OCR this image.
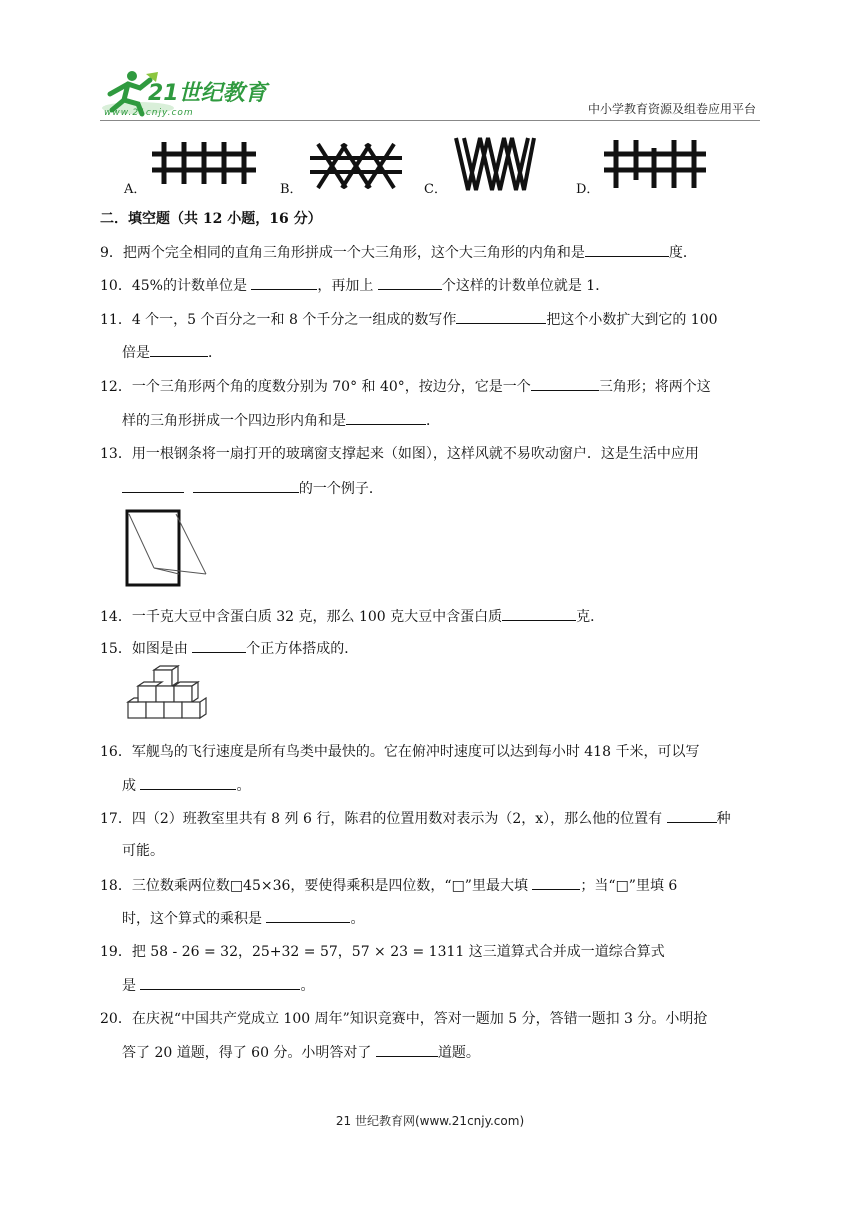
21世纪教育
www.21cnjy.com	中小学教育资源及组卷应用平台
A．	B．	C．	D．
二．填空题（共 12 小题，16 分）
9．把两个完全相同的直角三角形拼成一个大三角形，这个大三角形的内角和是	度．
10．45%的计数单位是	，再加上	个这样的计数单位就是 1．
11．4 个一，5 个百分之一和 8 个千分之一组成的数写作	把这个小数扩大到它的 100
倍是	．
12．一个三角形两个角的度数分别为 70° 和 40°，按边分，它是一个	三角形；将两个这
样的三角形拼成一个四边形内角和是	．
13．用一根钢条将一扇打开的玻璃窗支撑起来（如图），这样风就不易吹动窗户．这是生活中应用
的一个例子．
14．一千克大豆中含蛋白质 32 克，那么 100 克大豆中含蛋白质	克．
15．如图是由	个正方体搭成的．
16．军舰鸟的飞行速度是所有鸟类中最快的。它在俯冲时速度可以达到每小时 418 千米，可以写
成	。
17．四（2）班教室里共有 8 列 6 行，陈君的位置用数对表示为（2，x），那么他的位置有	种
可能。
18．三位数乘两位数□45×36，要使得乘积是四位数，“□”里最大填	；当“□”里填 6
时，这个算式的乘积是	。
19．把 58 - 26 = 32，25+32 = 57，57 × 23 = 1311 这三道算式合并成一道综合算式
是	。
20．在庆祝“中国共产党成立 100 周年”知识竞赛中，答对一题加 5 分，答错一题扣 3 分。小明抢
答了 20 道题，得了 60 分。小明答对了	道题。
21 世纪教育网(www.21cnjy.com)
